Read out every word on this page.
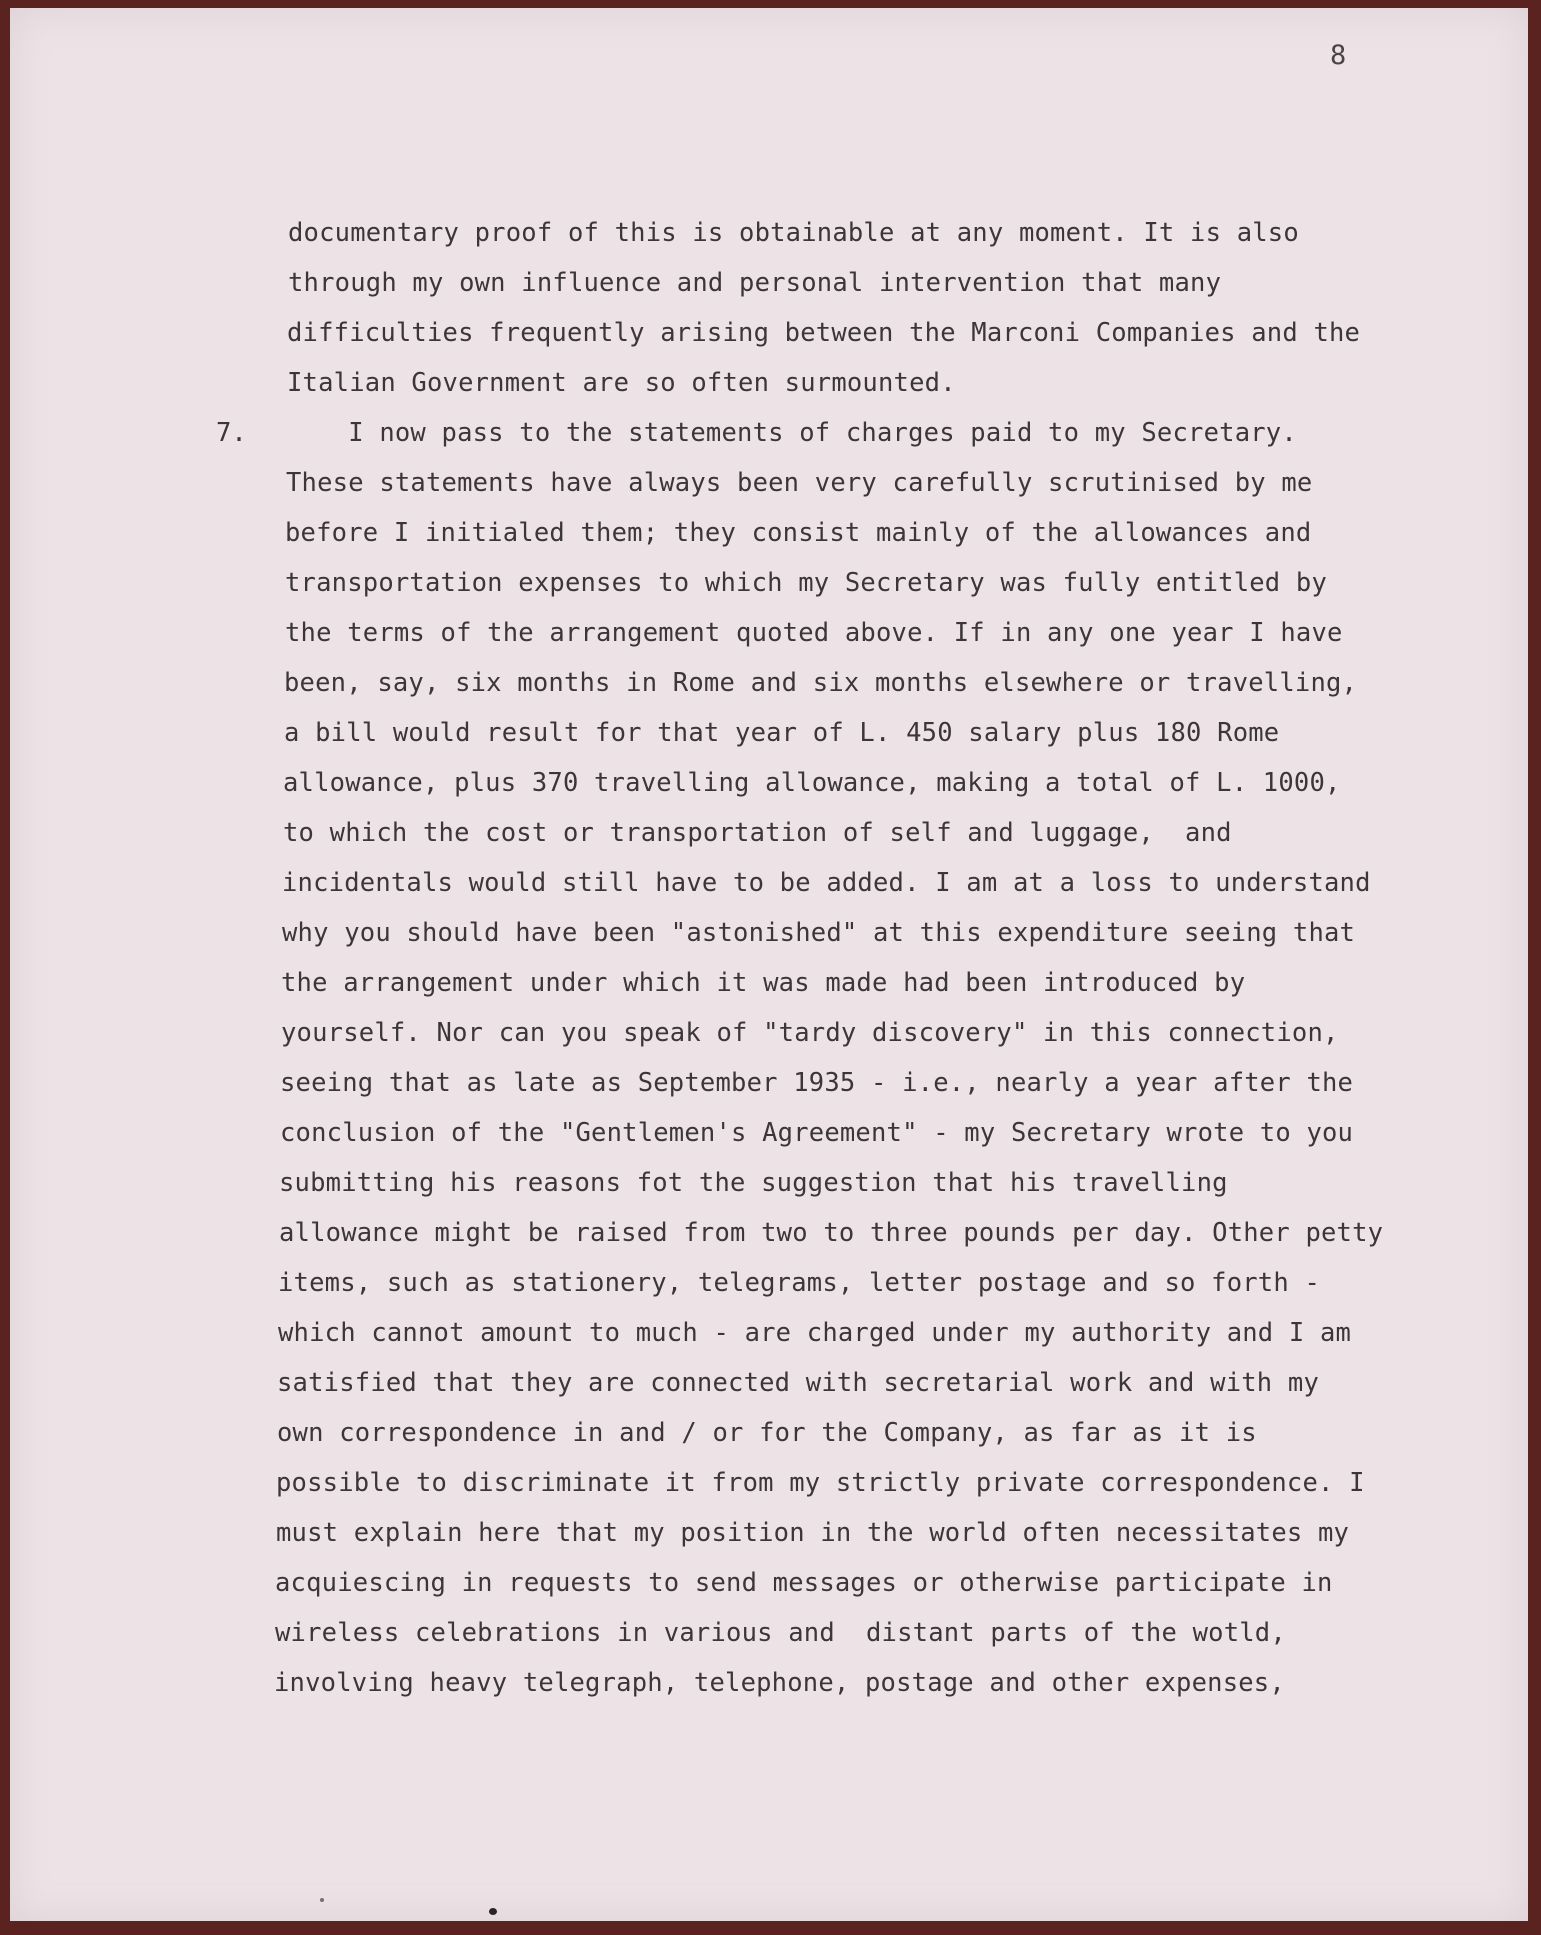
8
7.
documentary proof of this is obtainable at any moment. It is also
through my own influence and personal intervention that many
difficulties frequently arising between the Marconi Companies and the
Italian Government are so often surmounted.
I now pass to the statements of charges paid to my Secretary.
These statements have always been very carefully scrutinised by me
before I initialed them; they consist mainly of the allowances and
transportation expenses to which my Secretary was fully entitled by
the terms of the arrangement quoted above. If in any one year I have
been, say, six months in Rome and six months elsewhere or travelling,
a bill would result for that year of L. 450 salary plus 180 Rome
allowance, plus 370 travelling allowance, making a total of L. 1000,
to which the cost or transportation of self and luggage,  and
incidentals would still have to be added. I am at a loss to understand
why you should have been "astonished" at this expenditure seeing that
the arrangement under which it was made had been introduced by
yourself. Nor can you speak of "tardy discovery" in this connection,
seeing that as late as September 1935 - i.e., nearly a year after the
conclusion of the "Gentlemen's Agreement" - my Secretary wrote to you
submitting his reasons fot the suggestion that his travelling
allowance might be raised from two to three pounds per day. Other petty
items, such as stationery, telegrams, letter postage and so forth -
which cannot amount to much - are charged under my authority and I am
satisfied that they are connected with secretarial work and with my
own correspondence in and / or for the Company, as far as it is
possible to discriminate it from my strictly private correspondence. I
must explain here that my position in the world often necessitates my
acquiescing in requests to send messages or otherwise participate in
wireless celebrations in various and  distant parts of the wotld,
involving heavy telegraph, telephone, postage and other expenses,
